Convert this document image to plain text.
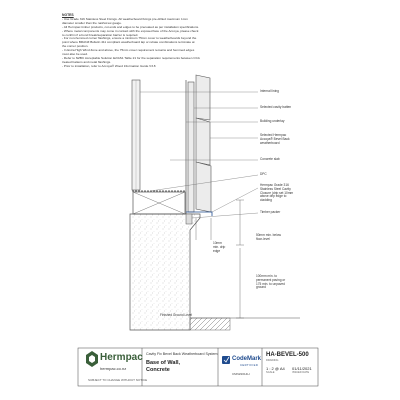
NOTES
- Use Grade 316 Stainless Steel Fixings. All weatherboard fixings pre-drilled maximum 1mm
diameter smaller than the nail/screw gauge.
- All Hermpac timber products, cut ends and edges to be precoated as per installation specifications.
- Where metal components may come in contact with the exposed face of the Accoya, please check
to confirm if a bond break/separation barrier is required.
- For non-hemmed corner flashings, ensure a minimum 75mm cover to weatherboards beyond the
point where BRANZ Bulletin 411 compliant weatherboard lap or rebate combinations terminate at
the corner position.
- In Extra High Wind Zone and above, the 75mm cover requirement remains and hemmed edges
must also be used.
- Refer to NZBC Acceptable Solution E2/AS1 Table 21 for the separation requirements between CCA
treated battens and metal flashings.
- Prior to installation, refer to Accoya® Wood Information Guide V3.8
Internal lining
Selected cavity batten
Building underlay
Selected Hermpac
Accoya® Bevel Back
weatherboard
Concrete slab
DPC
Hermpac Grade 316
Stainless Steel Cavity
Closure (drip set 10mm
above drip edge to
cladding
Timber packer
10mm
min. drip
edge
50mm min. below
floor-level
100mm min. to
permanent paving or
175 min. to unpaved
ground
Finished Ground Level
Hermpac
hermpac.co.nz
SUBJECT TO CHANGE WITHOUT NOTICE
Cavity Fix Bevel Back Weatherboard System
Base of Wall,
Concrete
CodeMark
CERTIFIED
CMNZ2014H
HA-BEVEL-500
DRAWING
1 : 2 @ A4
SCALE
01/11/2021
ISSUED DATE
